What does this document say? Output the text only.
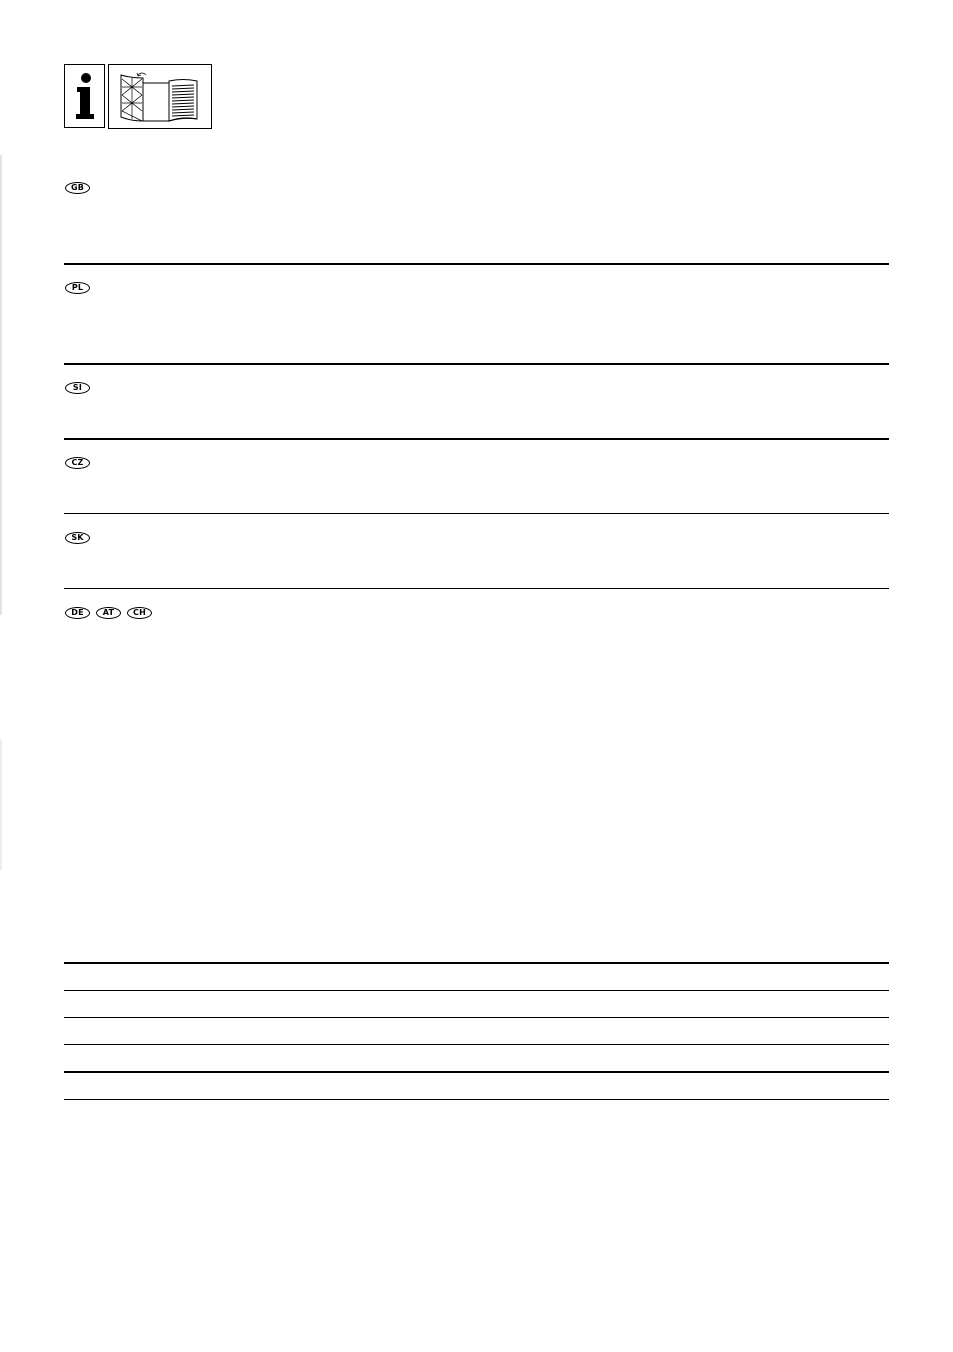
GB
PL
SI
CZ
SK
DE	AT	CH
